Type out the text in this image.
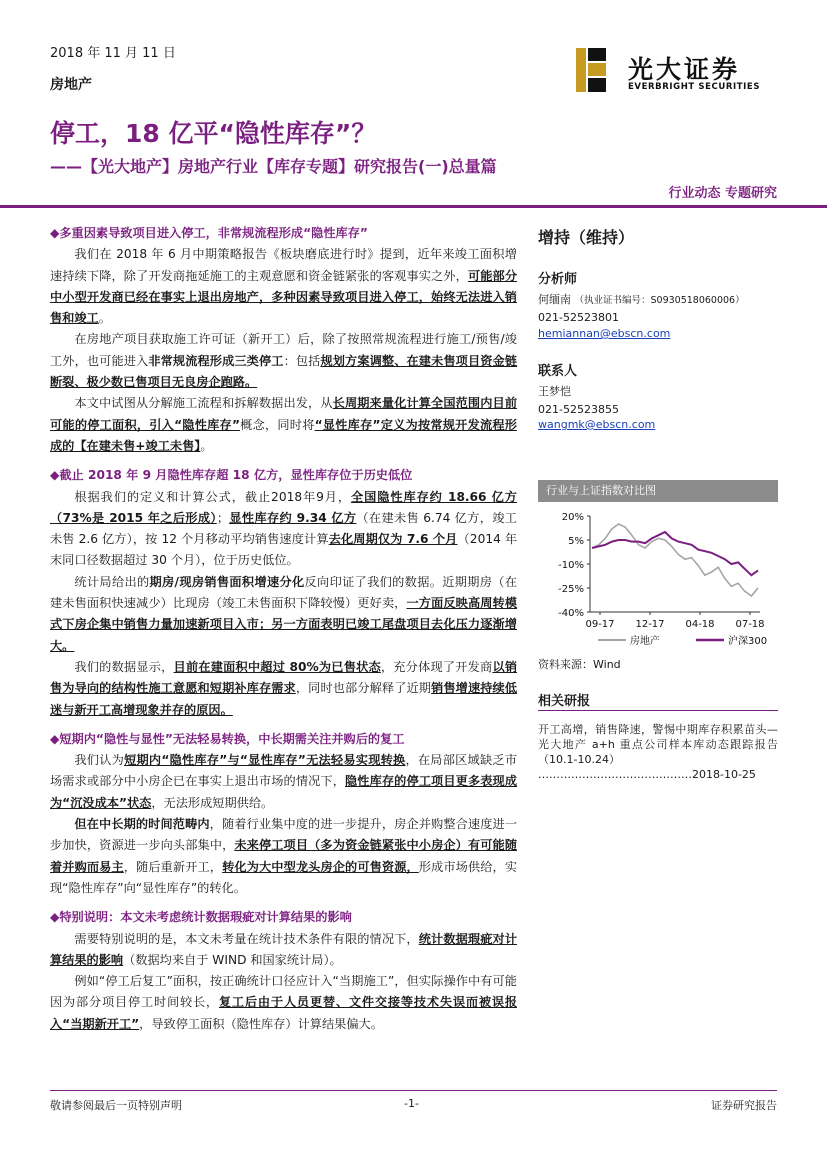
2018 年 11 月 11 日
房地产
光大证券
EVERBRIGHT SECURITIES
停工，18 亿平“隐性库存”？
——【光大地产】房地产行业【库存专题】研究报告(一)总量篇
行业动态 专题研究
◆多重因素导致项目进入停工，非常规流程形成“隐性库存”

我们在 2018 年 6 月中期策略报告《板块磨底进行时》提到，近年来竣工面积增速持续下降，除了开发商拖延施工的主观意愿和资金链紧张的客观事实之外，可能部分中小型开发商已经在事实上退出房地产，多种因素导致项目进入停工，始终无法进入销售和竣工。

在房地产项目获取施工许可证（新开工）后，除了按照常规流程进行施工/预售/竣工外，也可能进入非常规流程形成三类停工：包括规划方案调整、在建未售项目资金链断裂、极少数已售项目无良房企跑路。

本文中试图从分解施工流程和拆解数据出发，从长周期来量化计算全国范围内目前可能的停工面积，引入“隐性库存”概念，同时将“显性库存”定义为按常规开发流程形成的【在建未售+竣工未售】。

◆截止 2018 年 9 月隐性库存超 18 亿方，显性库存位于历史低位

根据我们的定义和计算公式，截止2018年9月，全国隐性库存约 18.66 亿方（73%是 2015 年之后形成）；显性库存约 9.34 亿方（在建未售 6.74 亿方，竣工未售 2.6 亿方），按 12 个月移动平均销售速度计算去化周期仅为 7.6 个月（2014 年末同口径数据超过 30 个月），位于历史低位。

统计局给出的期房/现房销售面积增速分化反向印证了我们的数据。近期期房（在建未售面积快速减少）比现房（竣工未售面积下降较慢）更好卖，一方面反映高周转模式下房企集中销售力量加速新项目入市；另一方面表明已竣工尾盘项目去化压力逐渐增大。

我们的数据显示，目前在建面积中超过 80%为已售状态，充分体现了开发商以销售为导向的结构性施工意愿和短期补库存需求，同时也部分解释了近期销售增速持续低迷与新开工高增现象并存的原因。

◆短期内“隐性与显性”无法轻易转换，中长期需关注并购后的复工

我们认为短期内“隐性库存”与“显性库存”无法轻易实现转换，在局部区域缺乏市场需求或部分中小房企已在事实上退出市场的情况下，隐性库存的停工项目更多表现成为“沉没成本”状态，无法形成短期供给。

但在中长期的时间范畴内，随着行业集中度的进一步提升，房企并购整合速度进一步加快，资源进一步向头部集中，未来停工项目（多为资金链紧张中小房企）有可能随着并购而易主，随后重新开工，转化为大中型龙头房企的可售资源，形成市场供给，实现“隐性库存”向“显性库存”的转化。

◆特别说明：本文未考虑统计数据瑕疵对计算结果的影响

需要特别说明的是，本文未考量在统计技术条件有限的情况下，统计数据瑕疵对计算结果的影响（数据均来自于 WIND 和国家统计局）。

例如“停工后复工”面积，按正确统计口径应计入“当期施工”，但实际操作中有可能因为部分项目停工时间较长，复工后由于人员更替、文件交接等技术失误而被误报入“当期新开工”，导致停工面积（隐性库存）计算结果偏大。

增持（维持）
分析师
何缅南 （执业证书编号：S0930518060006）
021-52523801
hemiannan@ebscn.com
联系人
王梦恺
021-52523855
wangmk@ebscn.com
行业与上证指数对比图
20%
5%
-10%
-25%
-40%
09-17 12-17 04-18 07-18
房地产	沪深300
资料来源：Wind
相关研报
开工高增，销售降速，警惕中期库存积累苗头— 光大地产 a+h 重点公司样本库动态跟踪报告（10.1-10.24）
……………………………………2018-10-25
敬请参阅最后一页特别声明	-1-	证券研究报告
